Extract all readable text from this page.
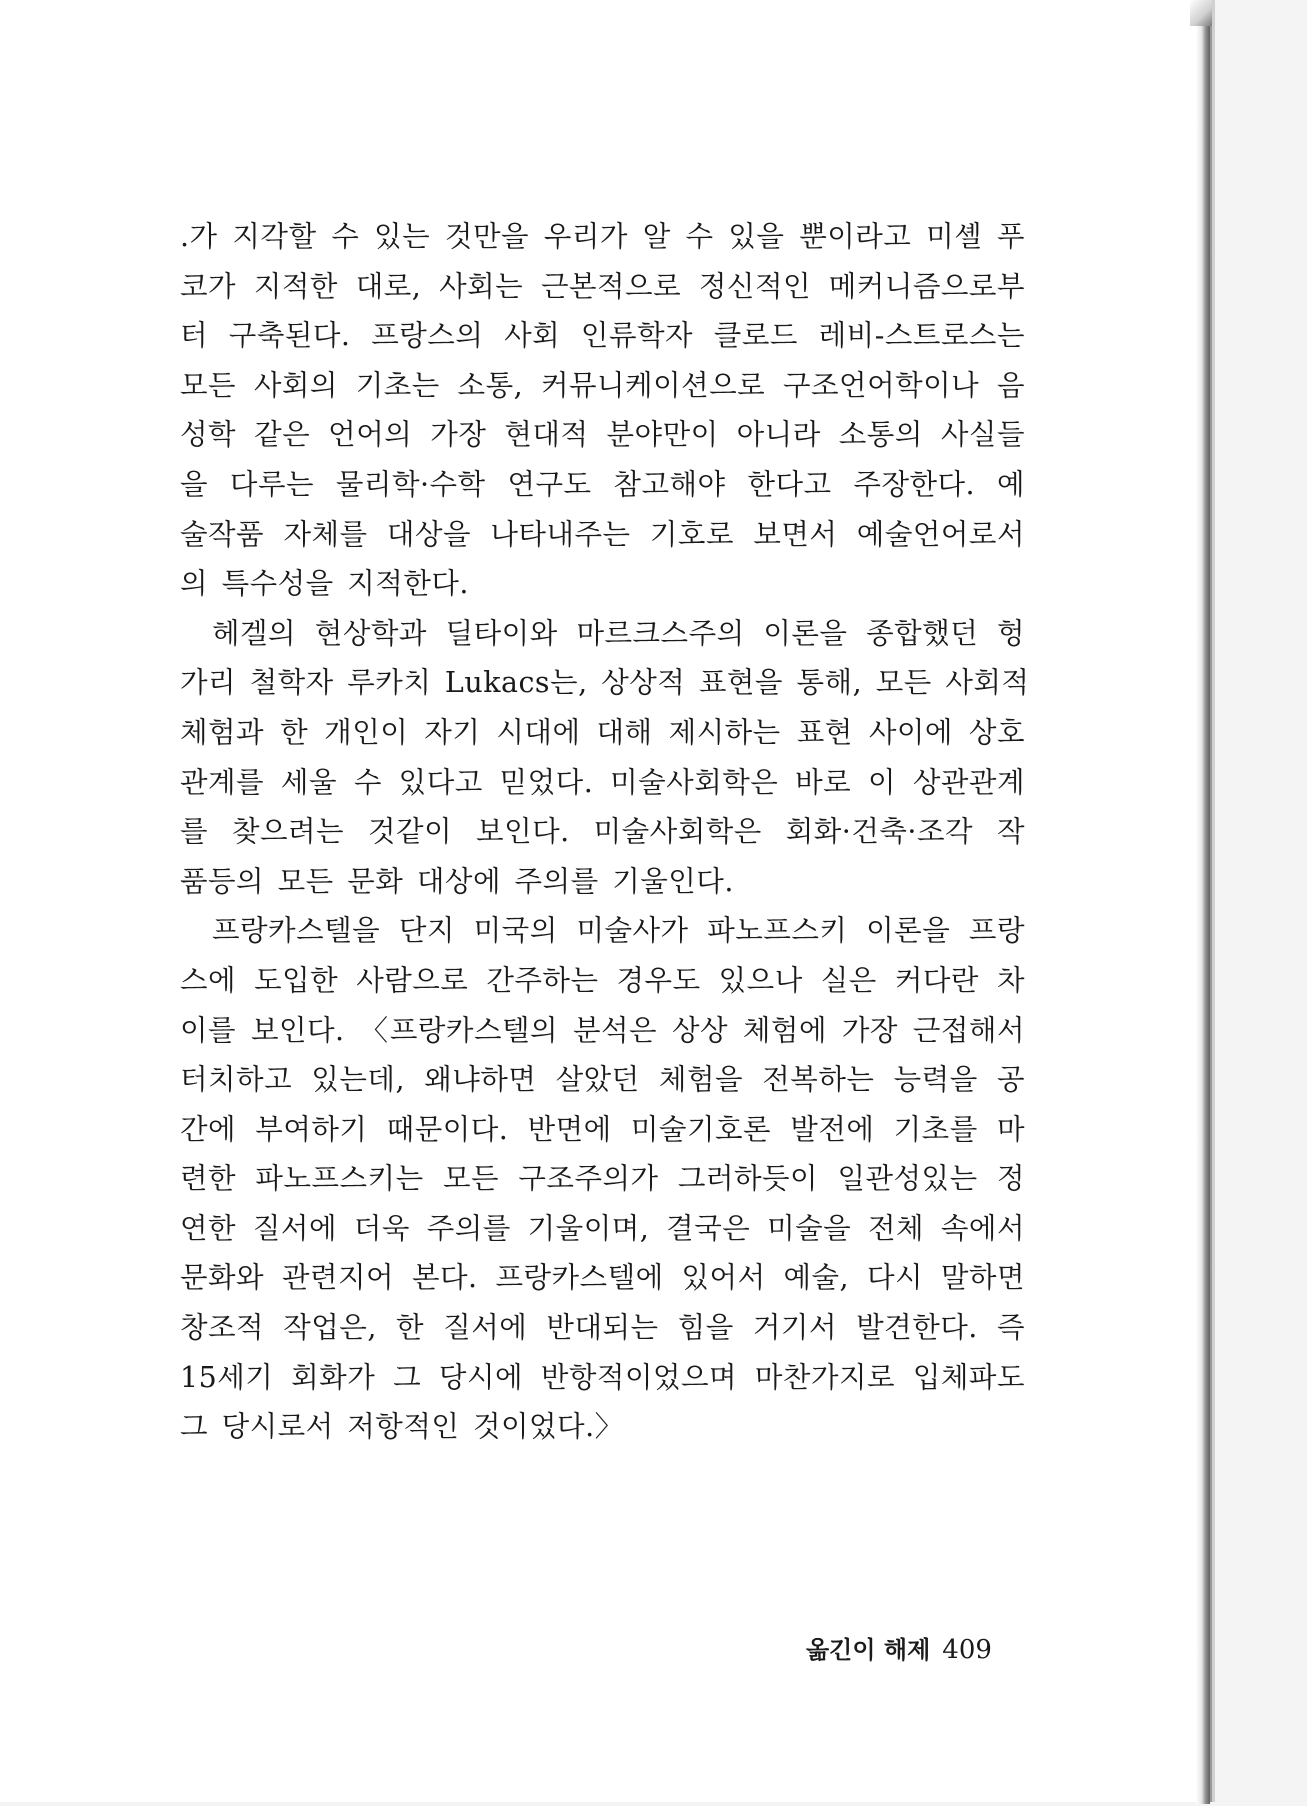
.가 지각할 수 있는 것만을 우리가 알 수 있을 뿐이라고 미셸 푸
코가 지적한 대로, 사회는 근본적으로 정신적인 메커니즘으로부
터 구축된다. 프랑스의 사회 인류학자 클로드 레비-스트로스는
모든 사회의 기초는 소통, 커뮤니케이션으로 구조언어학이나 음
성학 같은 언어의 가장 현대적 분야만이 아니라 소통의 사실들
을 다루는 물리학·수학 연구도 참고해야 한다고 주장한다. 예
술작품 자체를 대상을 나타내주는 기호로 보면서 예술언어로서
의 특수성을 지적한다.
헤겔의 현상학과 딜타이와 마르크스주의 이론을 종합했던 헝
가리 철학자 루카치 Lukacs는, 상상적 표현을 통해, 모든 사회적
체험과 한 개인이 자기 시대에 대해 제시하는 표현 사이에 상호
관계를 세울 수 있다고 믿었다. 미술사회학은 바로 이 상관관계
를 찾으려는 것같이 보인다. 미술사회학은 회화·건축·조각 작
품등의 모든 문화 대상에 주의를 기울인다.
프랑카스텔을 단지 미국의 미술사가 파노프스키 이론을 프랑
스에 도입한 사람으로 간주하는 경우도 있으나 실은 커다란 차
이를 보인다. 〈프랑카스텔의 분석은 상상 체험에 가장 근접해서
터치하고 있는데, 왜냐하면 살았던 체험을 전복하는 능력을 공
간에 부여하기 때문이다. 반면에 미술기호론 발전에 기초를 마
련한 파노프스키는 모든 구조주의가 그러하듯이 일관성있는 정
연한 질서에 더욱 주의를 기울이며, 결국은 미술을 전체 속에서
문화와 관련지어 본다. 프랑카스텔에 있어서 예술, 다시 말하면
창조적 작업은, 한 질서에 반대되는 힘을 거기서 발견한다. 즉
15세기 회화가 그 당시에 반항적이었으며 마찬가지로 입체파도
그 당시로서 저항적인 것이었다.〉
옮긴이 해제 409
